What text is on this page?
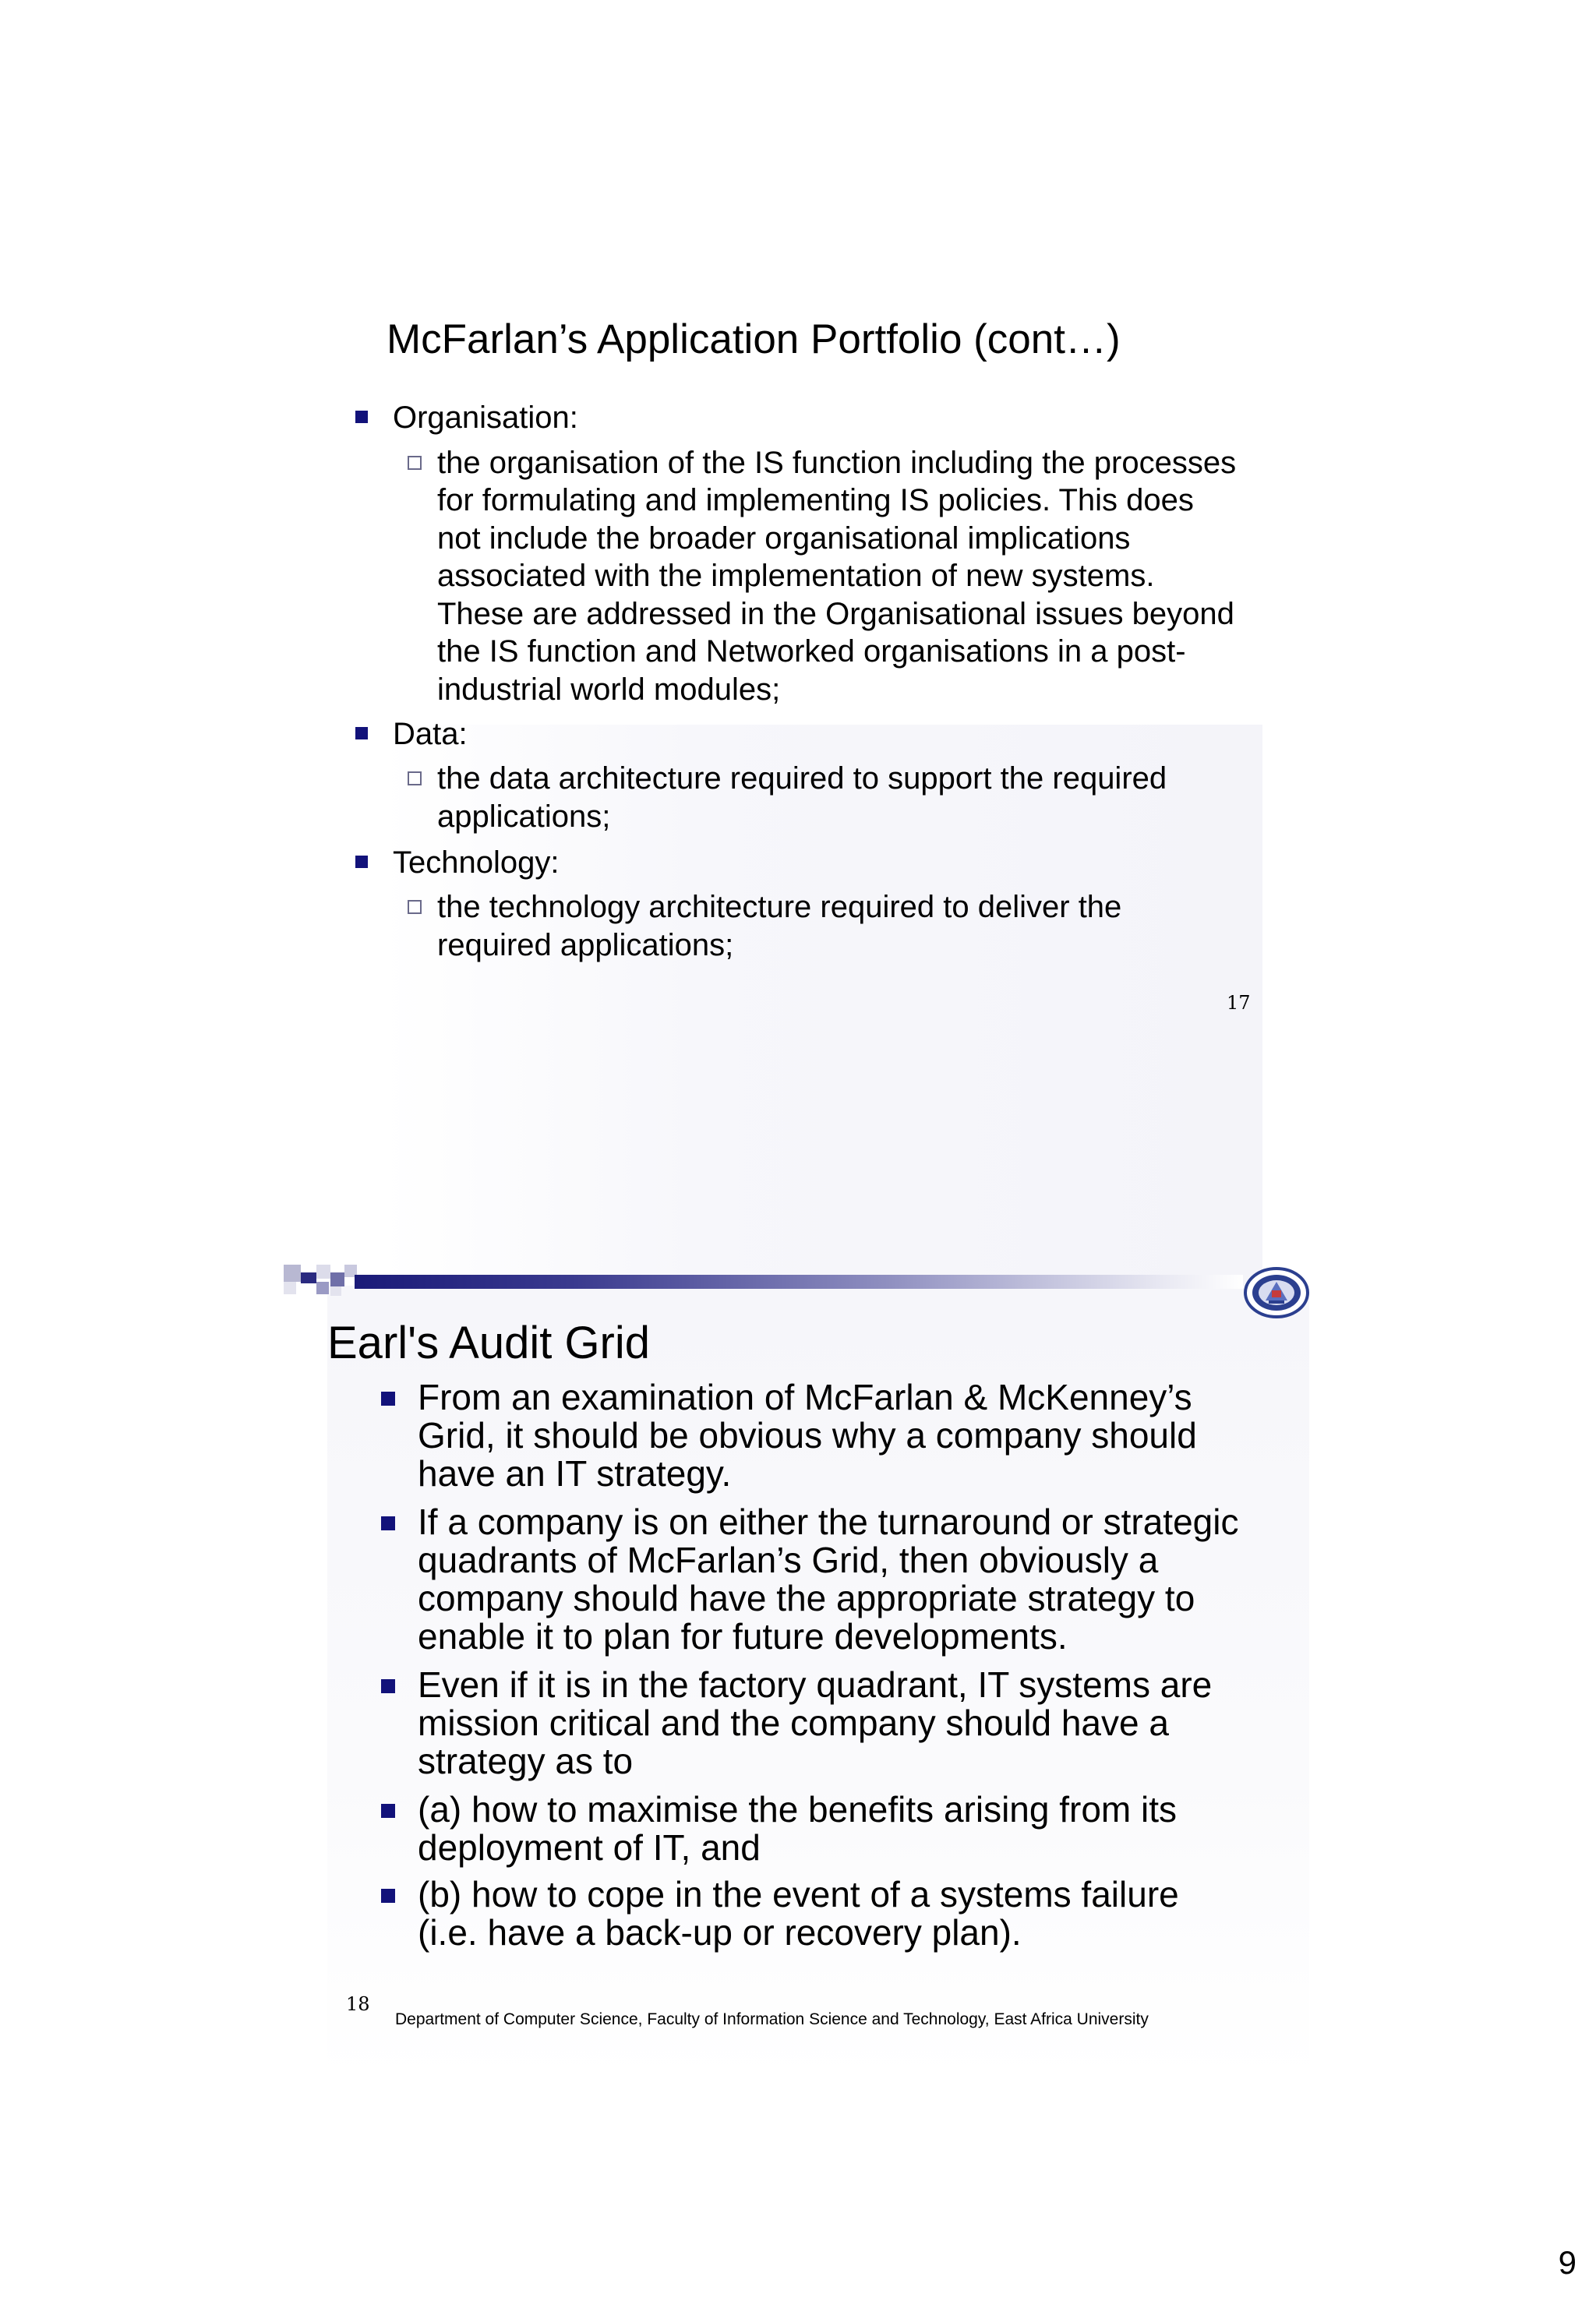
McFarlan’s Application Portfolio (cont…)
Organisation:
the organisation of the IS function including the processes
for formulating and implementing IS policies. This does
not include the broader organisational implications
associated with the implementation of new systems.
These are addressed in the Organisational issues beyond
the IS function and Networked organisations in a post-
industrial world modules;
Data:
the data architecture required to support the required
applications;
Technology:
the technology architecture required to deliver the
required applications;
17
Earl's Audit Grid
From an examination of McFarlan & McKenney’s
Grid, it should be obvious why a company should
have an IT strategy.
If a company is on either the turnaround or strategic
quadrants of McFarlan’s Grid, then obviously a
company should have the appropriate strategy to
enable it to plan for future developments.
Even if it is in the factory quadrant, IT systems are
mission critical and the company should have a
strategy as to
(a) how to maximise the benefits arising from its
deployment of IT, and
(b) how to cope in the event of a systems failure
(i.e. have a back-up or recovery plan).
18
Department of Computer Science, Faculty of Information Science and Technology, East Africa University
9
